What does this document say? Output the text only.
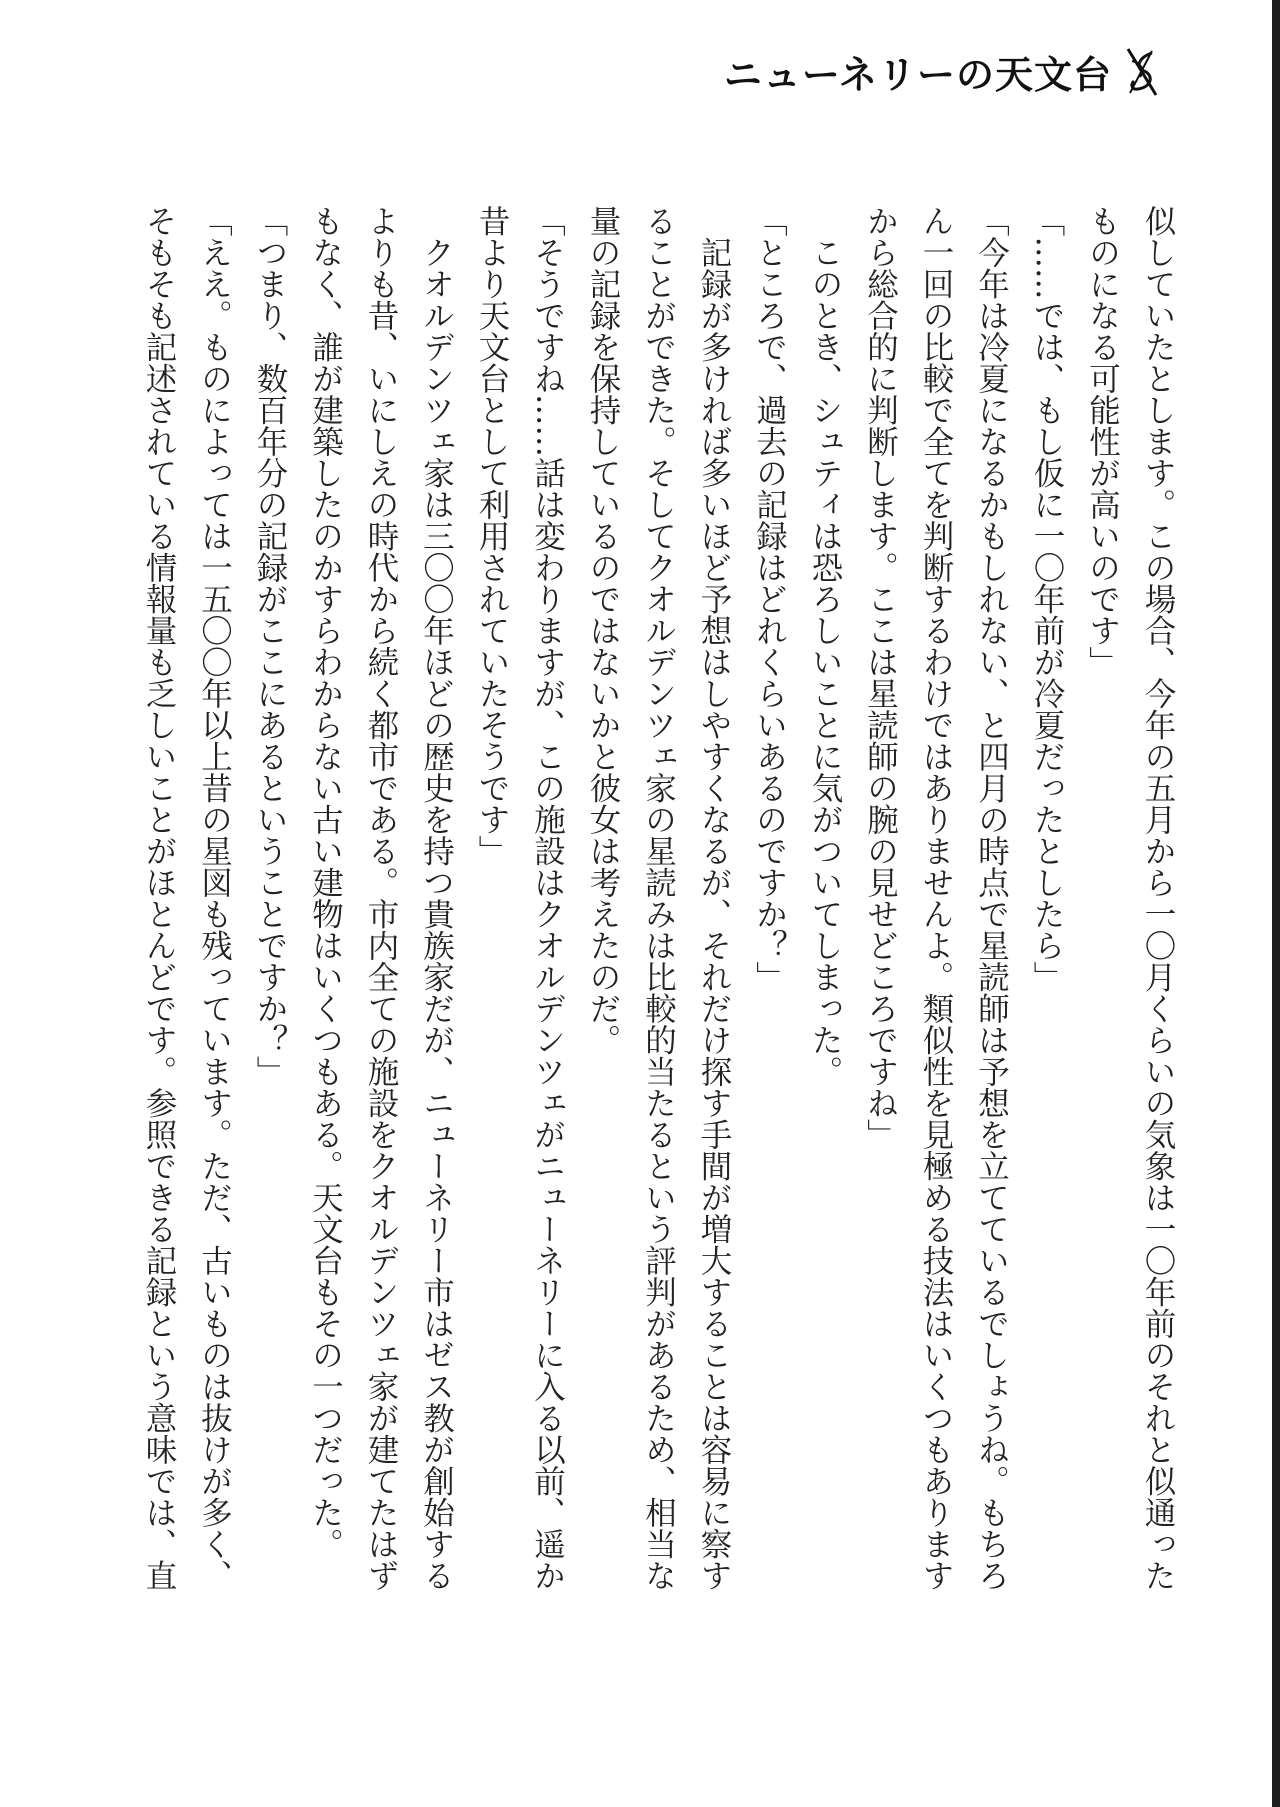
ニューネリーの天文台
似していたとします。この場合、今年の五月から一〇月くらいの気象は一〇年前のそれと似通った
ものになる可能性が高いのです」
「……では、もし仮に一〇年前が冷夏だったとしたら」
「今年は冷夏になるかもしれない、と四月の時点で星読師は予想を立てているでしょうね。もちろ
ん一回の比較で全てを判断するわけではありませんよ。類似性を見極める技法はいくつもあります
から総合的に判断します。ここは星読師の腕の見せどころですね」
　このとき、シュティは恐ろしいことに気がついてしまった。
「ところで、過去の記録はどれくらいあるのですか？」
　記録が多ければ多いほど予想はしやすくなるが、それだけ探す手間が増大することは容易に察す
ることができた。そしてクオルデンツェ家の星読みは比較的当たるという評判があるため、相当な
量の記録を保持しているのではないかと彼女は考えたのだ。
「そうですね……話は変わりますが、この施設はクオルデンツェがニューネリーに入る以前、遥か
昔より天文台として利用されていたそうです」
　クオルデンツェ家は三〇〇年ほどの歴史を持つ貴族家だが、ニューネリー市はゼス教が創始する
よりも昔、いにしえの時代から続く都市である。市内全ての施設をクオルデンツェ家が建てたはず
もなく、誰が建築したのかすらわからない古い建物はいくつもある。天文台もその一つだった。
「つまり、数百年分の記録がここにあるということですか？」
「ええ。ものによっては一五〇〇年以上昔の星図も残っています。ただ、古いものは抜けが多く、
そもそも記述されている情報量も乏しいことがほとんどです。参照できる記録という意味では、直
